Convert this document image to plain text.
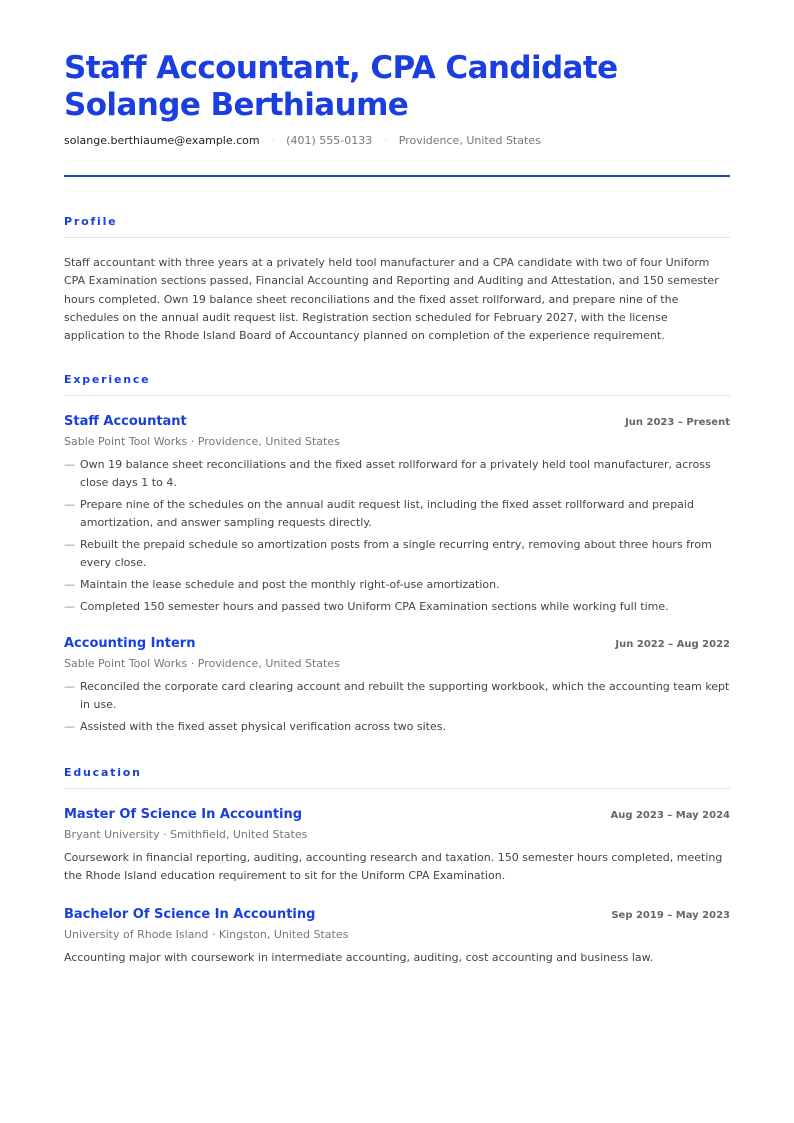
Staff Accountant, CPA Candidate Solange Berthiaume
solange.berthiaume@example.com · (401) 555-0133 · Providence, United States
Profile

Staff accountant with three years at a privately held tool manufacturer and a CPA candidate with two of four Uniform CPA Examination sections passed, Financial Accounting and Reporting and Auditing and Attestation, and 150 semester hours completed. Own 19 balance sheet reconciliations and the fixed asset rollforward, and prepare nine of the schedules on the annual audit request list. Registration section scheduled for February 2027, with the license application to the Rhode Island Board of Accountancy planned on completion of the experience requirement.

Experience
Staff Accountant	Jun 2023 – Present
Sable Point Tool Works · Providence, United States
— Own 19 balance sheet reconciliations and the fixed asset rollforward for a privately held tool manufacturer, across close days 1 to 4.
— Prepare nine of the schedules on the annual audit request list, including the fixed asset rollforward and prepaid amortization, and answer sampling requests directly.
— Rebuilt the prepaid schedule so amortization posts from a single recurring entry, removing about three hours from every close.
— Maintain the lease schedule and post the monthly right-of-use amortization.
— Completed 150 semester hours and passed two Uniform CPA Examination sections while working full time.
Accounting Intern	Jun 2022 – Aug 2022
Sable Point Tool Works · Providence, United States
— Reconciled the corporate card clearing account and rebuilt the supporting workbook, which the accounting team kept in use.
— Assisted with the fixed asset physical verification across two sites.
Education
Master Of Science In Accounting	Aug 2023 – May 2024
Bryant University · Smithfield, United States
Coursework in financial reporting, auditing, accounting research and taxation. 150 semester hours completed, meeting the Rhode Island education requirement to sit for the Uniform CPA Examination.
Bachelor Of Science In Accounting	Sep 2019 – May 2023
University of Rhode Island · Kingston, United States
Accounting major with coursework in intermediate accounting, auditing, cost accounting and business law.
